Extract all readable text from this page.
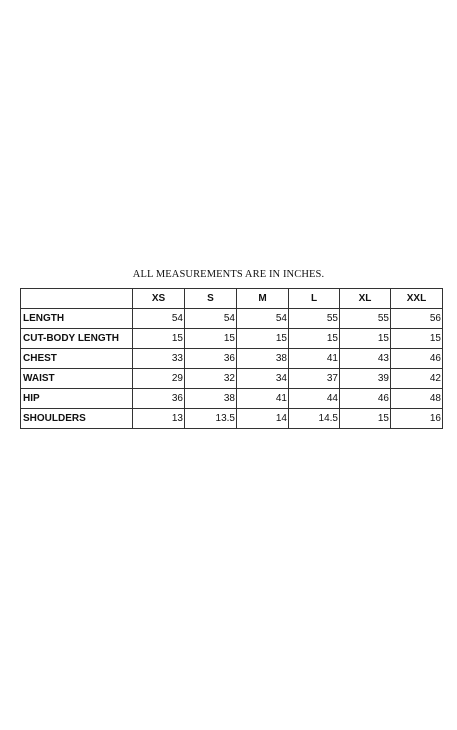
ALL MEASUREMENTS ARE IN INCHES.
	XS	S	M	L	XL	XXL
LENGTH	54	54	54	55	55	56
CUT-BODY LENGTH	15	15	15	15	15	15
CHEST	33	36	38	41	43	46
WAIST	29	32	34	37	39	42
HIP	36	38	41	44	46	48
SHOULDERS	13	13.5	14	14.5	15	16
